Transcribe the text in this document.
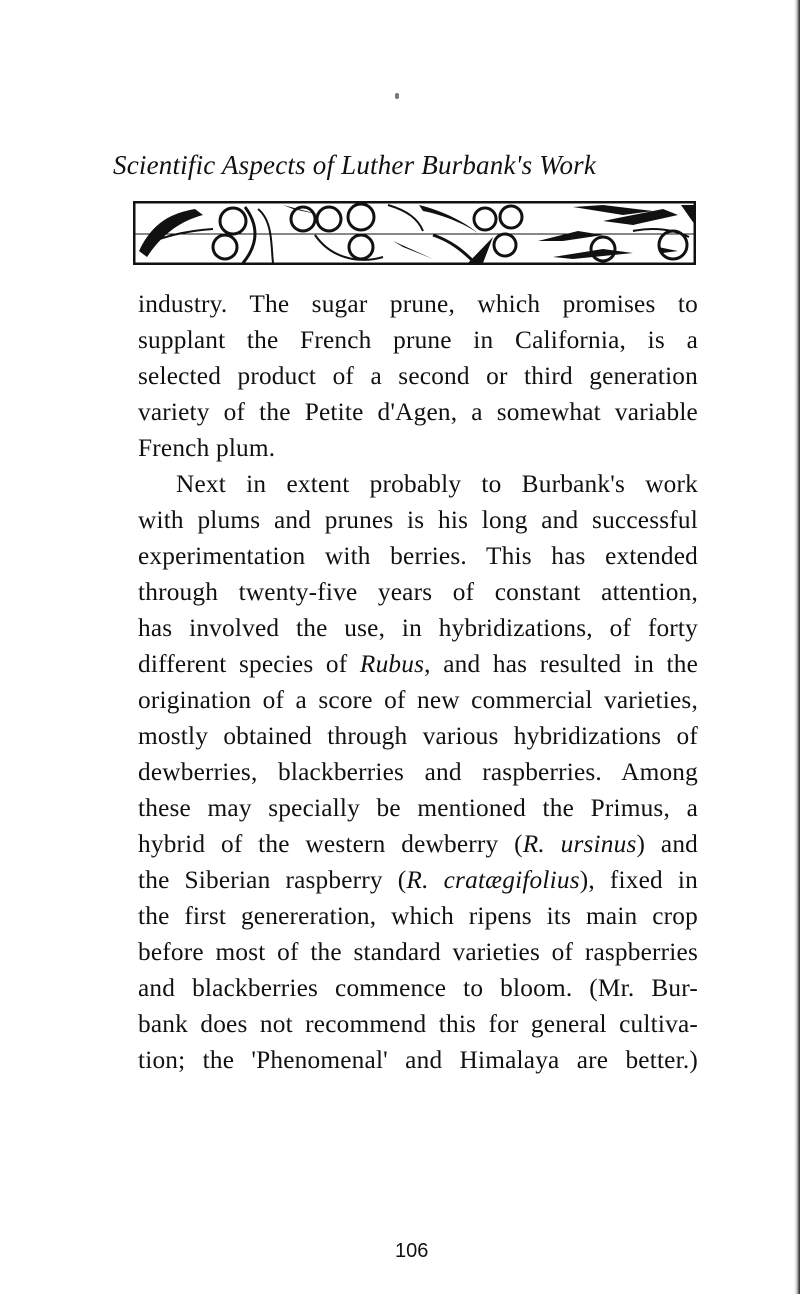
Scientific Aspects of Luther Burbank's Work
industry. The sugar prune, which promises to
supplant the French prune in California, is a
selected product of a second or third generation
variety of the Petite d'Agen, a somewhat variable
French plum.
Next in extent probably to Burbank's work
with plums and prunes is his long and successful
experimentation with berries. This has extended
through twenty-five years of constant attention,
has involved the use, in hybridizations, of forty
different species of Rubus, and has resulted in the
origination of a score of new commercial varieties,
mostly obtained through various hybridizations of
dewberries, blackberries and raspberries. Among
these may specially be mentioned the Primus, a
hybrid of the western dewberry (R. ursinus) and
the Siberian raspberry (R. cratægifolius), fixed in
the first genereration, which ripens its main crop
before most of the standard varieties of raspberries
and blackberries commence to bloom. (Mr. Bur-
bank does not recommend this for general cultiva-
tion; the 'Phenomenal' and Himalaya are better.)
106
